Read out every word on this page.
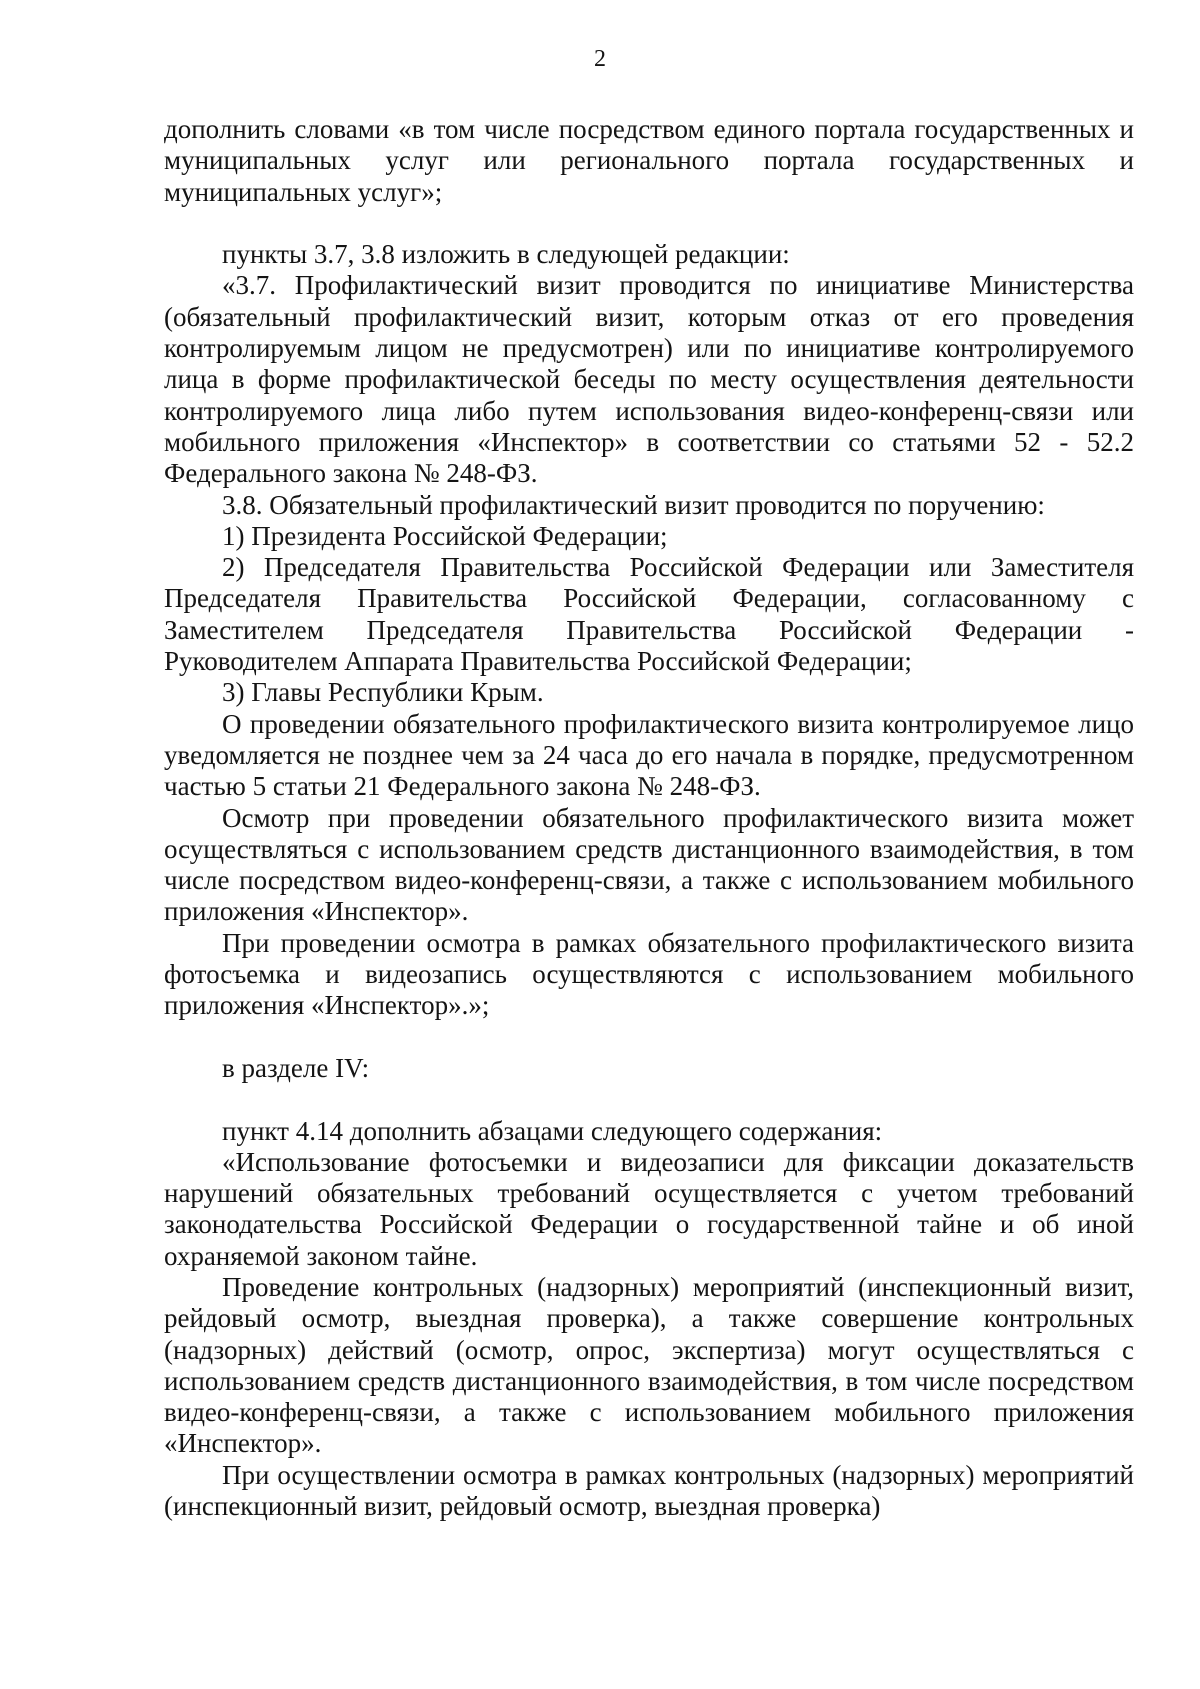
2

дополнить словами «в том числе посредством единого портала государственных и муниципальных услуг или регионального портала государственных и муниципальных услуг»;

пункты 3.7, 3.8 изложить в следующей редакции:

«3.7. Профилактический визит проводится по инициативе Министерства (обязательный профилактический визит, которым отказ от его проведения контролируемым лицом не предусмотрен) или по инициативе контролируемого лица в форме профилактической беседы по месту осуществления деятельности контролируемого лица либо путем использования видео-конференц-связи или мобильного приложения «Инспектор» в соответствии со статьями 52 - 52.2 Федерального закона № 248-ФЗ.

3.8. Обязательный профилактический визит проводится по поручению:

1) Президента Российской Федерации;

2) Председателя Правительства Российской Федерации или Заместителя Председателя Правительства Российской Федерации, согласованному с Заместителем Председателя Правительства Российской Федерации - Руководителем Аппарата Правительства Российской Федерации;

3) Главы Республики Крым.

О проведении обязательного профилактического визита контролируемое лицо уведомляется не позднее чем за 24 часа до его начала в порядке, предусмотренном частью 5 статьи 21 Федерального закона № 248-ФЗ.

Осмотр при проведении обязательного профилактического визита может осуществляться с использованием средств дистанционного взаимодействия, в том числе посредством видео-конференц-связи, а также с использованием мобильного приложения «Инспектор».

При проведении осмотра в рамках обязательного профилактического визита фотосъемка и видеозапись осуществляются с использованием мобильного приложения «Инспектор».»;

в разделе IV:

пункт 4.14 дополнить абзацами следующего содержания:

«Использование фотосъемки и видеозаписи для фиксации доказательств нарушений обязательных требований осуществляется с учетом требований законодательства Российской Федерации о государственной тайне и об иной охраняемой законом тайне.

Проведение контрольных (надзорных) мероприятий (инспекционный визит, рейдовый осмотр, выездная проверка), а также совершение контрольных (надзорных) действий (осмотр, опрос, экспертиза) могут осуществляться с использованием средств дистанционного взаимодействия, в том числе посредством видео-конференц-связи, а также с использованием мобильного приложения «Инспектор».

При осуществлении осмотра в рамках контрольных (надзорных) мероприятий (инспекционный визит, рейдовый осмотр, выездная проверка)
